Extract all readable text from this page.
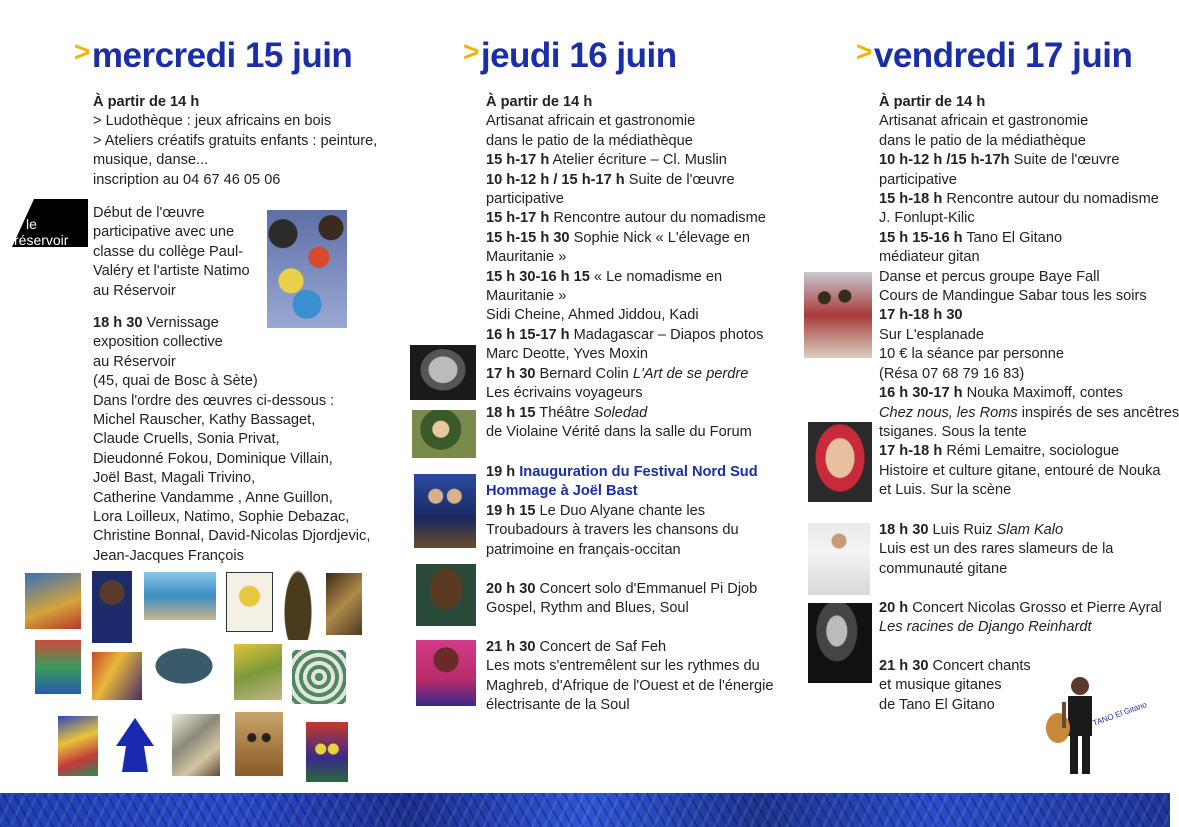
>mercredi 15 juin
À partir de 14 h
> Ludothèque : jeux africains en bois
> Ateliers créatifs gratuits enfants : peinture,
musique, danse...
inscription au 04 67 46 05 06
le
réservoir
Début de l'œuvre
participative avec une
classe du collège Paul-
Valéry et l'artiste Natimo
au Réservoir
18 h 30 Vernissage
exposition collective
au Réservoir
(45, quai de Bosc à Sète)
Dans l'ordre des œuvres ci-dessous :
Michel Rauscher, Kathy Bassaget,
Claude Cruells, Sonia Privat,
Dieudonné Fokou, Dominique Villain,
Joël Bast, Magali Trivino,
Catherine Vandamme , Anne Guillon,
Lora Loilleux, Natimo, Sophie Debazac,
Christine Bonnal, David-Nicolas Djordjevic,
Jean-Jacques François
>jeudi 16 juin
À partir de 14 h
Artisanat africain et gastronomie
dans le patio de la médiathèque
15 h-17 h Atelier écriture – Cl. Muslin
10 h-12 h / 15 h-17 h Suite de l'œuvre
participative
15 h-17 h Rencontre autour du nomadisme
15 h-15 h 30 Sophie Nick « L'élevage en
Mauritanie »
15 h 30-16 h 15 « Le nomadisme en
Mauritanie »
Sidi Cheine, Ahmed Jiddou, Kadi
16 h 15-17 h Madagascar – Diapos photos
Marc Deotte, Yves Moxin
17 h 30 Bernard Colin L'Art de se perdre
Les écrivains voyageurs
18 h 15 Théâtre Soledad
de Violaine Vérité dans la salle du Forum
19 h Inauguration du Festival Nord Sud
Hommage à Joël Bast
19 h 15 Le Duo Alyane chante les
Troubadours à travers les chansons du
patrimoine en français-occitan
20 h 30 Concert solo d'Emmanuel Pi Djob
Gospel, Rythm and Blues, Soul
21 h 30 Concert de Saf Feh
Les mots s'entremêlent sur les rythmes du
Maghreb, d'Afrique de l'Ouest et de l'énergie
électrisante de la Soul
>vendredi 17 juin
À partir de 14 h
Artisanat africain et gastronomie
dans le patio de la médiathèque
10 h-12 h /15 h-17h Suite de l'œuvre
participative
15 h-18 h Rencontre autour du nomadisme
J. Fonlupt-Kilic
15 h 15-16 h Tano El Gitano
médiateur gitan
Danse et percus groupe Baye Fall
Cours de Mandingue Sabar tous les soirs
17 h-18 h 30
Sur L'esplanade
10 € la séance par personne
(Résa 07 68 79 16 83)
16 h 30-17 h Nouka Maximoff, contes
Chez nous, les Roms inspirés de ses ancêtres
tsiganes. Sous la tente
17 h-18 h Rémi Lemaitre, sociologue
Histoire et culture gitane, entouré de Nouka
et Luis. Sur la scène
18 h 30 Luis Ruiz Slam Kalo
Luis est un des rares slameurs de la
communauté gitane
20 h Concert Nicolas Grosso et Pierre Ayral
Les racines de Django Reinhardt
21 h 30 Concert chants
et musique gitanes
de Tano El Gitano	TANO El Gitano
